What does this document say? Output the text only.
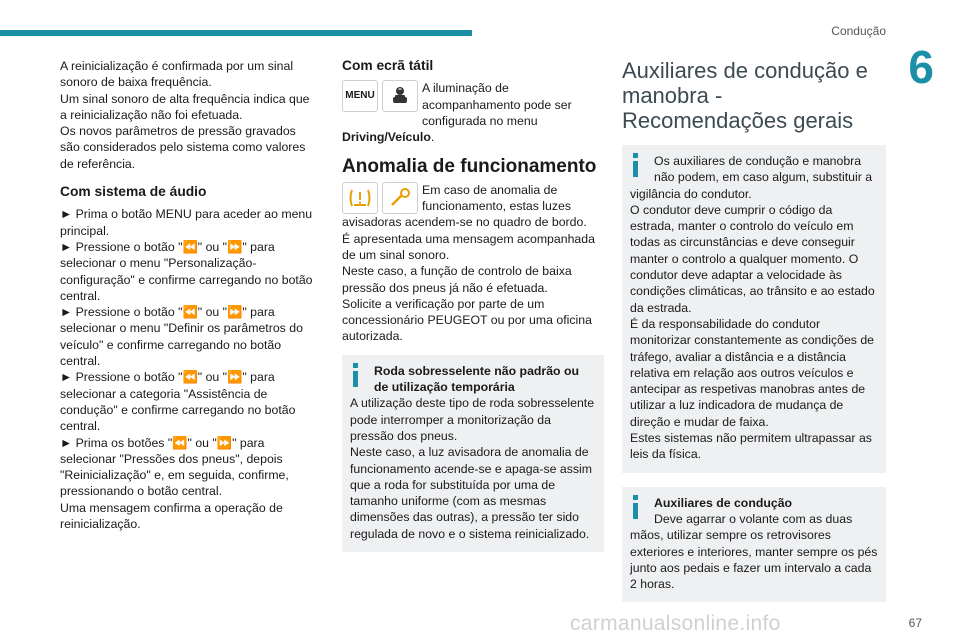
Condução
6

A reinicialização é confirmada por um sinal sonoro de baixa frequência.

Um sinal sonoro de alta frequência indica que a reinicialização não foi efetuada.

Os novos parâmetros de pressão gravados são considerados pelo sistema como valores de referência.

Com sistema de áudio

► Prima o botão MENU para aceder ao menu principal.

► Pressione o botão "⏪" ou "⏩" para selecionar o menu "Personalização-configuração" e confirme carregando no botão central.

► Pressione o botão "⏪" ou "⏩" para selecionar o menu "Definir os parâmetros do veículo" e confirme carregando no botão central.

► Pressione o botão "⏪" ou "⏩" para selecionar a categoria "Assistência de condução" e confirme carregando no botão central.

► Prima os botões "⏪" ou "⏩" para selecionar "Pressões dos pneus", depois "Reinicialização" e, em seguida, confirme, pressionando o botão central.

Uma mensagem confirma a operação de reinicialização.

Com ecrã tátil
MENU
A iluminação de acompanhamento pode ser configurada no menu

Driving/Veículo.

Anomalia de funcionamento
Em caso de anomalia de funcionamento, estas luzes

avisadoras acendem-se no quadro de bordo.

É apresentada uma mensagem acompanhada de um sinal sonoro.

Neste caso, a função de controlo de baixa pressão dos pneus já não é efetuada.

Solicite a verificação por parte de um concessionário PEUGEOT ou por uma oficina autorizada.

Roda sobresselente não padrão ou de utilização temporária

A utilização deste tipo de roda sobresselente pode interromper a monitorização da pressão dos pneus.

Neste caso, a luz avisadora de anomalia de funcionamento acende-se e apaga-se assim que a roda for substituída por uma de tamanho uniforme (com as mesmas dimensões das outras), a pressão ter sido regulada de novo e o sistema reinicializado.

Auxiliares de condução e manobra - Recomendações gerais

Os auxiliares de condução e manobra não podem, em caso algum, substituir a

vigilância do condutor.

O condutor deve cumprir o código da estrada, manter o controlo do veículo em todas as circunstâncias e deve conseguir manter o controlo a qualquer momento. O condutor deve adaptar a velocidade às condições climáticas, ao trânsito e ao estado da estrada.

É da responsabilidade do condutor monitorizar constantemente as condições de tráfego, avaliar a distância e a distância relativa em relação aos outros veículos e antecipar as respetivas manobras antes de utilizar a luz indicadora de mudança de direção e mudar de faixa.

Estes sistemas não permitem ultrapassar as leis da física.

Auxiliares de condução

Deve agarrar o volante com as duas

mãos, utilizar sempre os retrovisores exteriores e interiores, manter sempre os pés junto aos pedais e fazer um intervalo a cada 2 horas.

67
carmanualsonline.info
